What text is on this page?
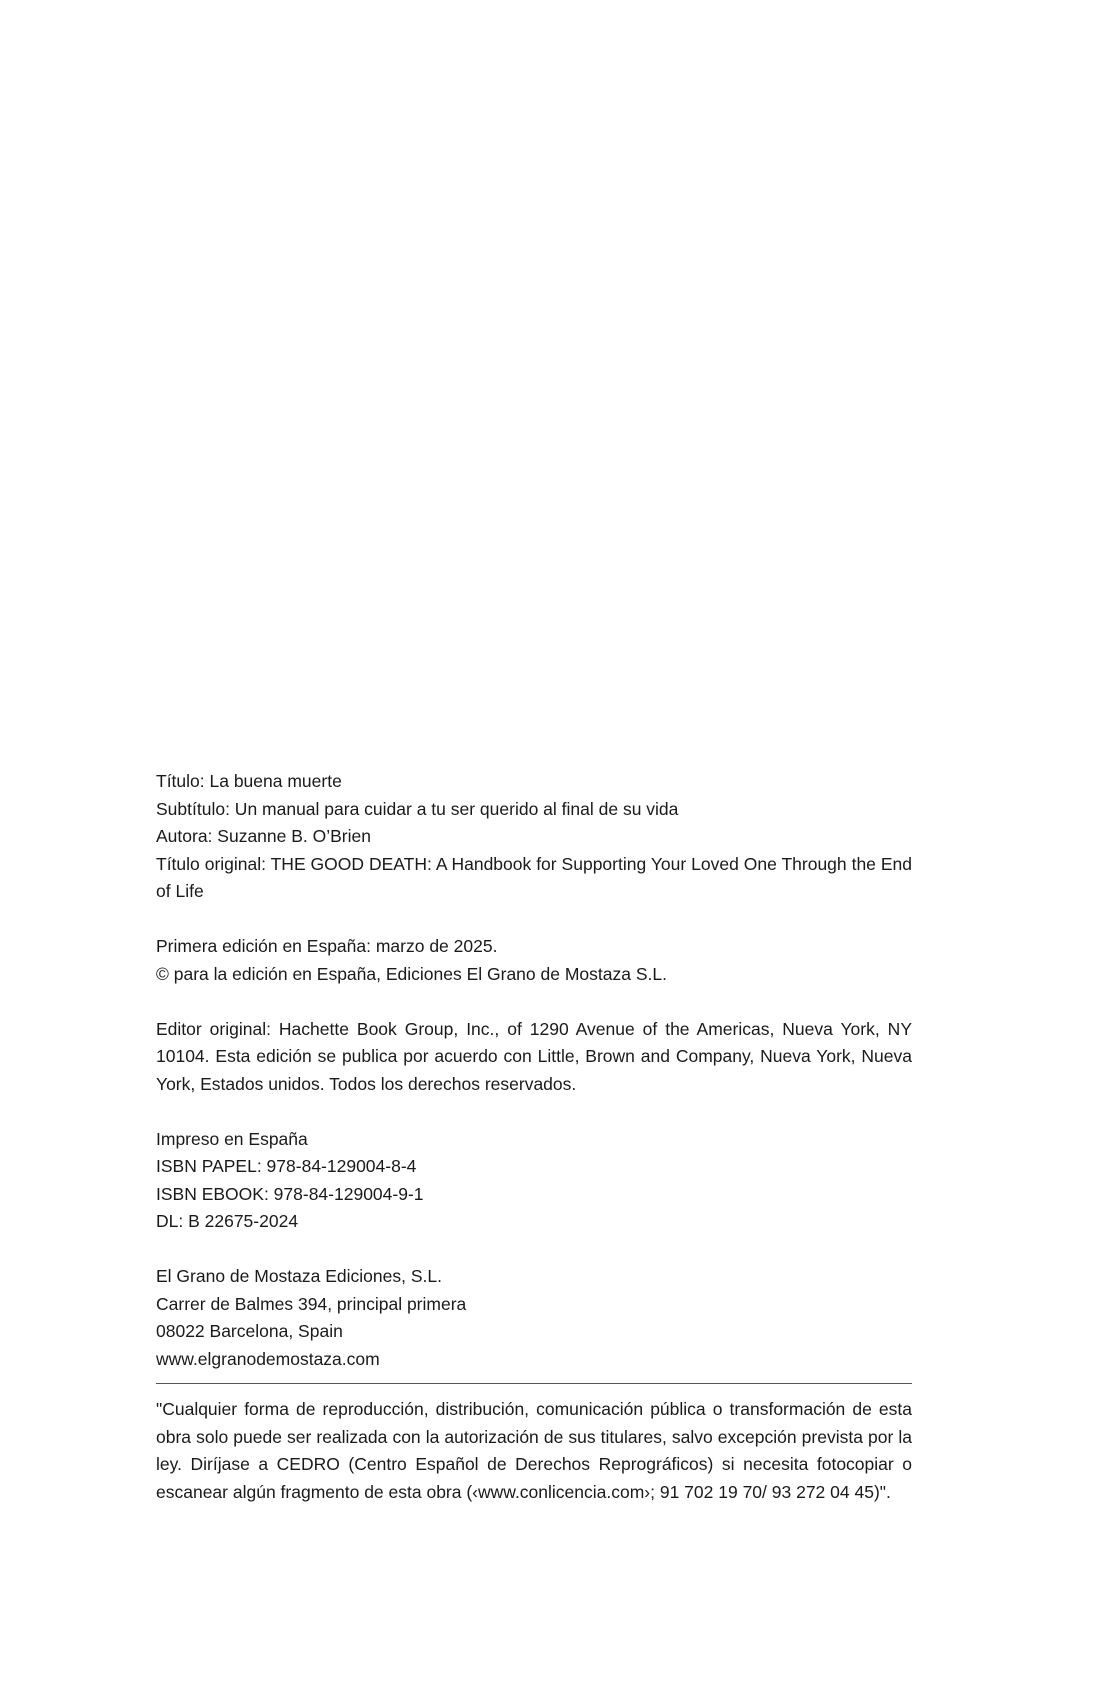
Título: La buena muerte
Subtítulo: Un manual para cuidar a tu ser querido al final de su vida
Autora: Suzanne B. O’Brien
Título original: THE GOOD DEATH: A Handbook for Supporting Your Loved One Through the End of Life
Primera edición en España: marzo de 2025.
© para la edición en España, Ediciones El Grano de Mostaza S.L.
Editor original: Hachette Book Group, Inc., of 1290 Avenue of the Americas, Nueva York, NY 10104. Esta edición se publica por acuerdo con Little, Brown and Company, Nueva York, Nueva York, Estados unidos. Todos los derechos reservados.
Impreso en España
ISBN PAPEL: 978-84-129004-8-4
ISBN EBOOK: 978-84-129004-9-1
DL: B 22675-2024
El Grano de Mostaza Ediciones, S.L.
Carrer de Balmes 394, principal primera
08022 Barcelona, Spain
www.elgranodemostaza.com
"Cualquier forma de reproducción, distribución, comunicación pública o transformación de esta obra solo puede ser realizada con la autorización de sus titulares, salvo excepción prevista por la ley. Diríjase a CEDRO (Centro Español de Derechos Reprográficos) si necesita fotocopiar o escanear algún fragmento de esta obra (‹www.conlicencia.com›; 91 702 19 70/ 93 272 04 45)".
